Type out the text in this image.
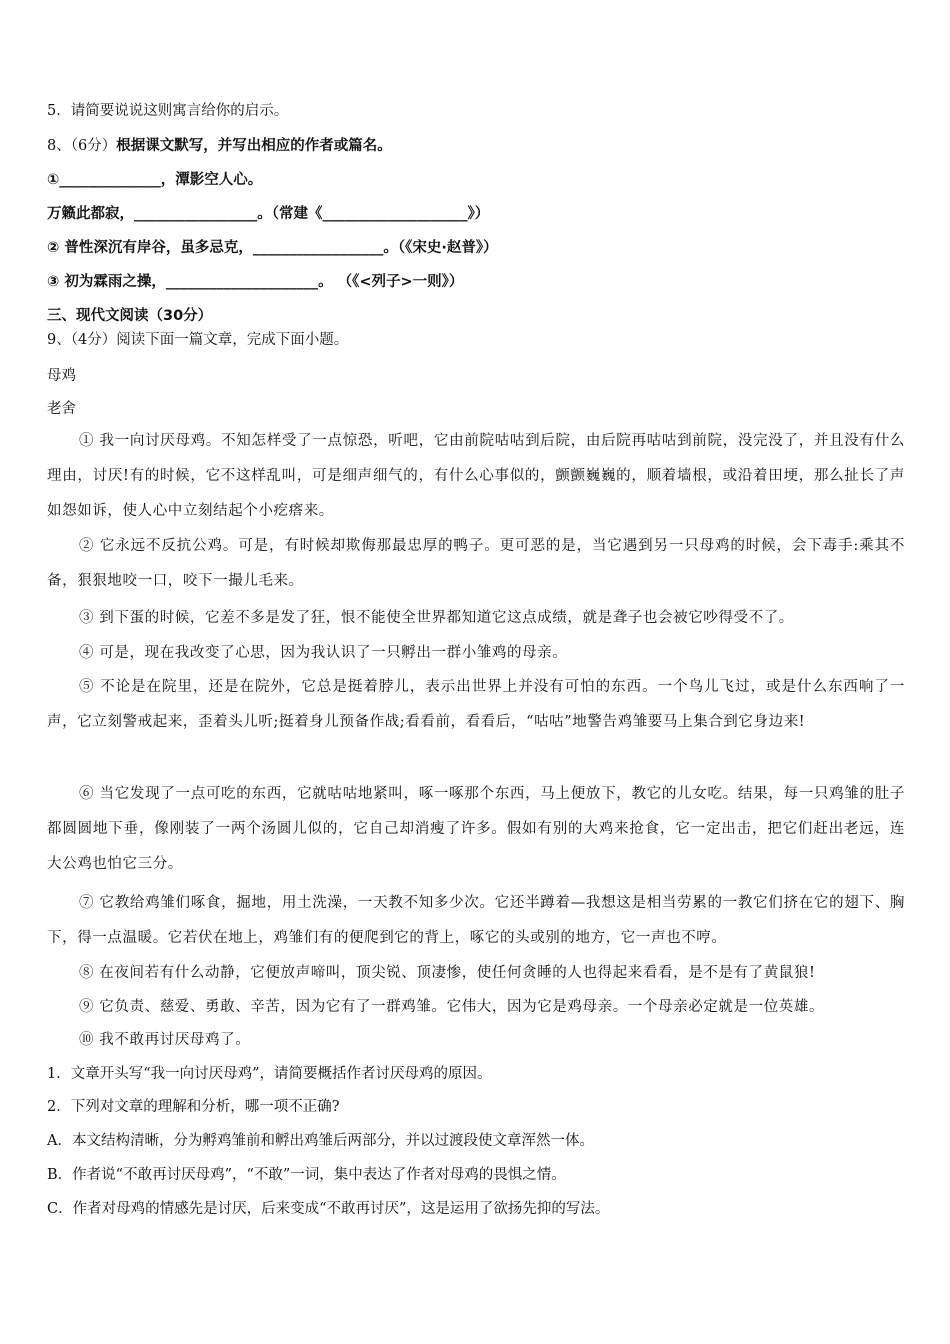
5．请简要说说这则寓言给你的启示。
8、（6分）根据课文默写，并写出相应的作者或篇名。
①______________，潭影空人心。
万籁此都寂，_________________。（常建《____________________》）
② 普性深沉有岸谷，虽多忌克，__________________。（《宋史·赵普》）
③ 初为霖雨之操，_____________________。 （《<列子>一则》）
三、现代文阅读（30分）
9、（4分）阅读下面一篇文章，完成下面小题。
母鸡
老舍
① 我一向讨厌母鸡。不知怎样受了一点惊恐，听吧，它由前院咕咕到后院，由后院再咕咕到前院，没完没了，并且没有什么理由，讨厌!有的时候，它不这样乱叫，可是细声细气的，有什么心事似的，颤颤巍巍的，顺着墙根，或沿着田埂，那么扯长了声如怨如诉，使人心中立刻结起个小疙瘩来。
② 它永远不反抗公鸡。可是，有时候却欺侮那最忠厚的鸭子。更可恶的是，当它遇到另一只母鸡的时候，会下毒手:乘其不备，狠狠地咬一口，咬下一撮儿毛来。
③ 到下蛋的时候，它差不多是发了狂，恨不能使全世界都知道它这点成绩，就是聋子也会被它吵得受不了。
④ 可是，现在我改变了心思，因为我认识了一只孵出一群小雏鸡的母亲。
⑤ 不论是在院里，还是在院外，它总是挺着脖儿，表示出世界上并没有可怕的东西。一个鸟儿飞过，或是什么东西响了一声，它立刻警戒起来，歪着头儿听;挺着身儿预备作战;看看前，看看后，“咕咕”地警告鸡雏要马上集合到它身边来!
⑥ 当它发现了一点可吃的东西，它就咕咕地紧叫，啄一啄那个东西，马上便放下，教它的儿女吃。结果，每一只鸡雏的肚子都圆圆地下垂，像刚装了一两个汤圆儿似的，它自己却消瘦了许多。假如有别的大鸡来抢食，它一定出击，把它们赶出老远，连大公鸡也怕它三分。
⑦ 它教给鸡雏们啄食，掘地，用土洗澡，一天教不知多少次。它还半蹲着—我想这是相当劳累的一教它们挤在它的翅下、胸下，得一点温暖。它若伏在地上，鸡雏们有的便爬到它的背上，啄它的头或别的地方，它一声也不哼。
⑧ 在夜间若有什么动静，它便放声啼叫，顶尖锐、顶凄惨，使任何贪睡的人也得起来看看，是不是有了黄鼠狼!
⑨ 它负责、慈爱、勇敢、辛苦，因为它有了一群鸡雏。它伟大，因为它是鸡母亲。一个母亲必定就是一位英雄。
⑩ 我不敢再讨厌母鸡了。
1．文章开头写“我一向讨厌母鸡”，请简要概括作者讨厌母鸡的原因。
2．下列对文章的理解和分析，哪一项不正确?
A．本文结构清晰，分为孵鸡雏前和孵出鸡雏后两部分，并以过渡段使文章浑然一体。
B．作者说“不敢再讨厌母鸡”，“不敢”一词，集中表达了作者对母鸡的畏惧之情。
C．作者对母鸡的情感先是讨厌，后来变成“不敢再讨厌”，这是运用了欲扬先抑的写法。
